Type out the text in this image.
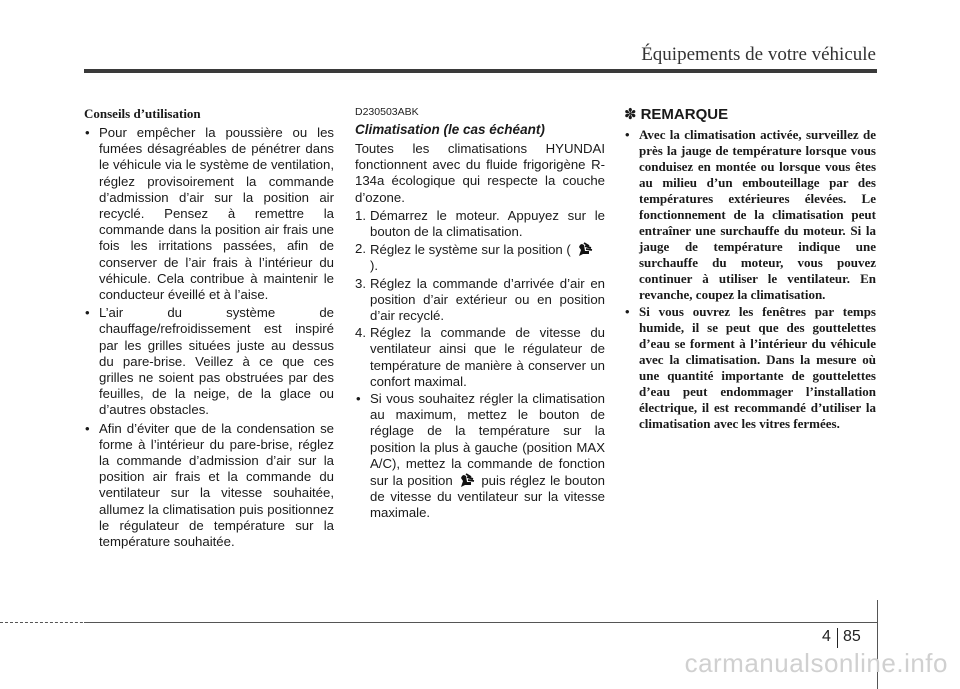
Équipements de votre véhicule
Conseils d’utilisation
• Pour empêcher la poussière ou les fumées désagréables de pénétrer dans le véhicule via le système de ventilation, réglez provisoirement la commande d’admission d’air sur la position air recyclé. Pensez à remettre la commande dans la position air frais une fois les irritations passées, afin de conserver de l’air frais à l’intérieur du véhicule. Cela contribue à maintenir le conducteur éveillé et à l’aise.
• L’air du système de chauffage/refroidissement est inspiré par les grilles situées juste au dessus du pare-brise. Veillez à ce que ces grilles ne soient pas obstruées par des feuilles, de la neige, de la glace ou d’autres obstacles.
• Afin d’éviter que de la condensation se forme à l’intérieur du pare-brise, réglez la commande d’admission d’air sur la position air frais et la commande du ventilateur sur la vitesse souhaitée, allumez la climatisation puis positionnez le régulateur de température sur la température souhaitée.
D230503ABK
Climatisation (le cas échéant)
Toutes les climatisations HYUNDAI fonctionnent avec du fluide frigorigène R-134a écologique qui respecte la couche d’ozone.
1. Démarrez le moteur. Appuyez sur le bouton de la climatisation.
2. Réglez le système sur la position (  ).
3. Réglez la commande d’arrivée d’air en position d’air extérieur ou en position d’air recyclé.
4. Réglez la commande de vitesse du ventilateur ainsi que le régulateur de température de manière à conserver un confort maximal.
• Si vous souhaitez régler la climatisation au maximum, mettez le bouton de réglage de la température sur la position la plus à gauche (position MAX A/C), mettez la commande de fonction sur la position puis réglez le bouton de vitesse du ventilateur sur la vitesse maximale.
✽ REMARQUE
• Avec la climatisation activée, surveillez de près la jauge de température lorsque vous conduisez en montée ou lorsque vous êtes au milieu d’un embouteillage par des températures extérieures élevées. Le fonctionnement de la climatisation peut entraîner une surchauffe du moteur. Si la jauge de température indique une surchauffe du moteur, vous pouvez continuer à utiliser le ventilateur. En revanche, coupez la climatisation.
• Si vous ouvrez les fenêtres par temps humide, il se peut que des gouttelettes d’eau se forment à l’intérieur du véhicule avec la climatisation. Dans la mesure où une quantité importante de gouttelettes d’eau peut endommager l’installation électrique, il est recommandé d’utiliser la climatisation avec les vitres fermées.
4 85
carmanualsonline.info
